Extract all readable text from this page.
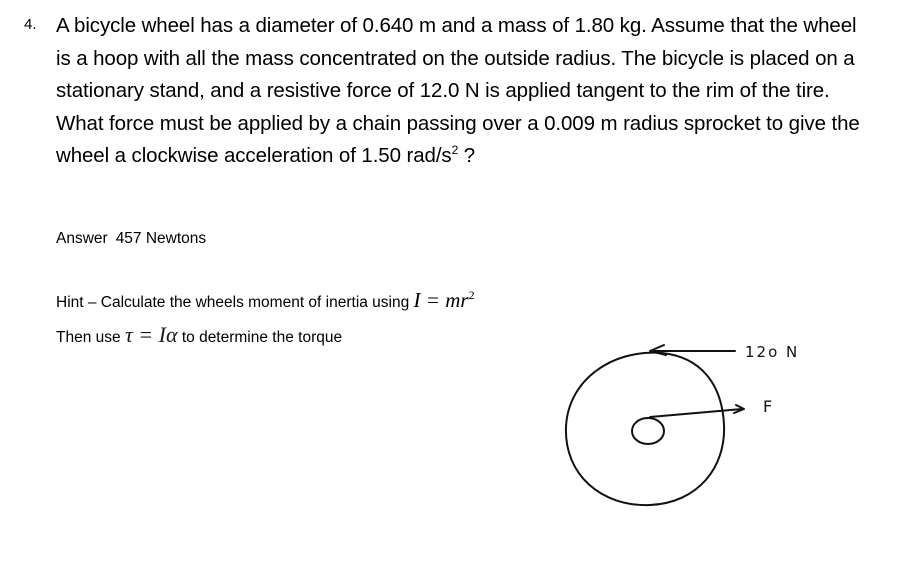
4. A bicycle wheel has a diameter of 0.640 m and a mass of 1.80 kg. Assume that the wheel is a hoop with all the mass concentrated on the outside radius. The bicycle is placed on a stationary stand, and a resistive force of 12.0 N is applied tangent to the rim of the tire. What force must be applied by a chain passing over a 0.009 m radius sprocket to give the wheel a clockwise acceleration of 1.50 rad/$s^2$ ?
Answer 457 Newtons
Hint – Calculate the wheels moment of inertia using $I = mr^2$
Then use τ = Iα to determine the torque
12o N
F
